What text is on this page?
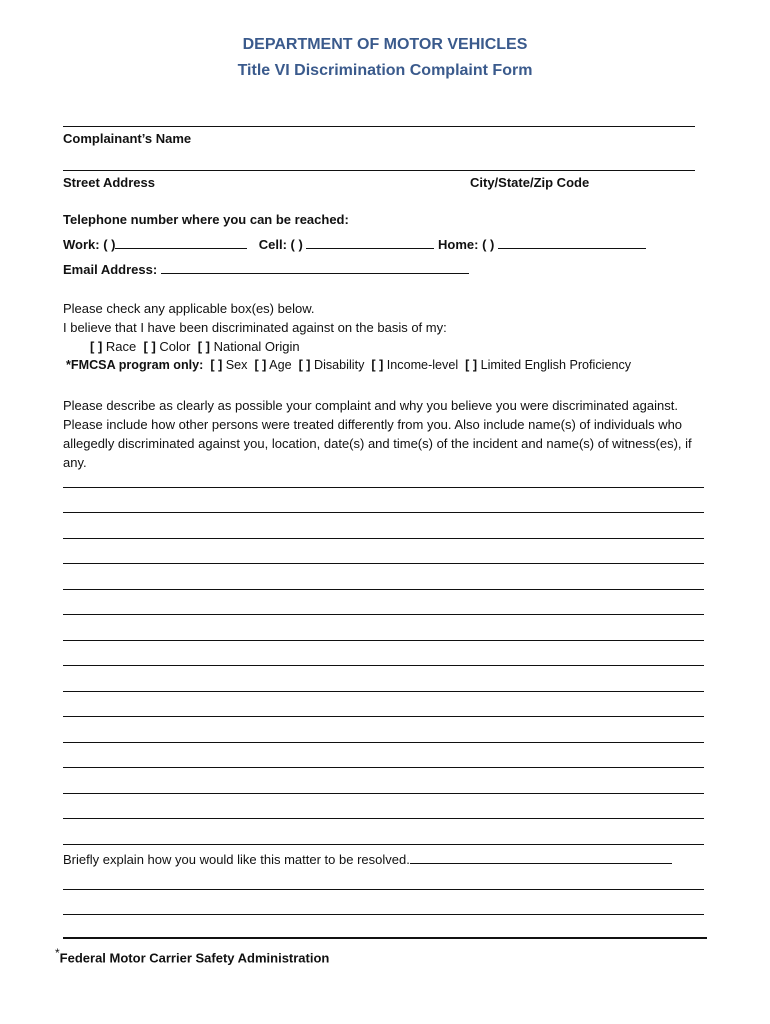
DEPARTMENT OF MOTOR VEHICLES
Title VI Discrimination Complaint Form
Complainant’s Name
Street Address	City/State/Zip Code
Telephone number where you can be reached:
Work: ( )	Cell: ( )	Home: ( )
Email Address:
Please check any applicable box(es) below.
I believe that I have been discriminated against on the basis of my:
[ ] Race [ ] Color [ ] National Origin
*FMCSA program only: [ ] Sex [ ] Age [ ] Disability [ ] Income-level [ ] Limited English Proficiency
Please describe as clearly as possible your complaint and why you believe you were discriminated against. Please include how other persons were treated differently from you. Also include name(s) of individuals who allegedly discriminated against you, location, date(s) and time(s) of the incident and name(s) of witness(es), if any.
Briefly explain how you would like this matter to be resolved.
*Federal Motor Carrier Safety Administration
